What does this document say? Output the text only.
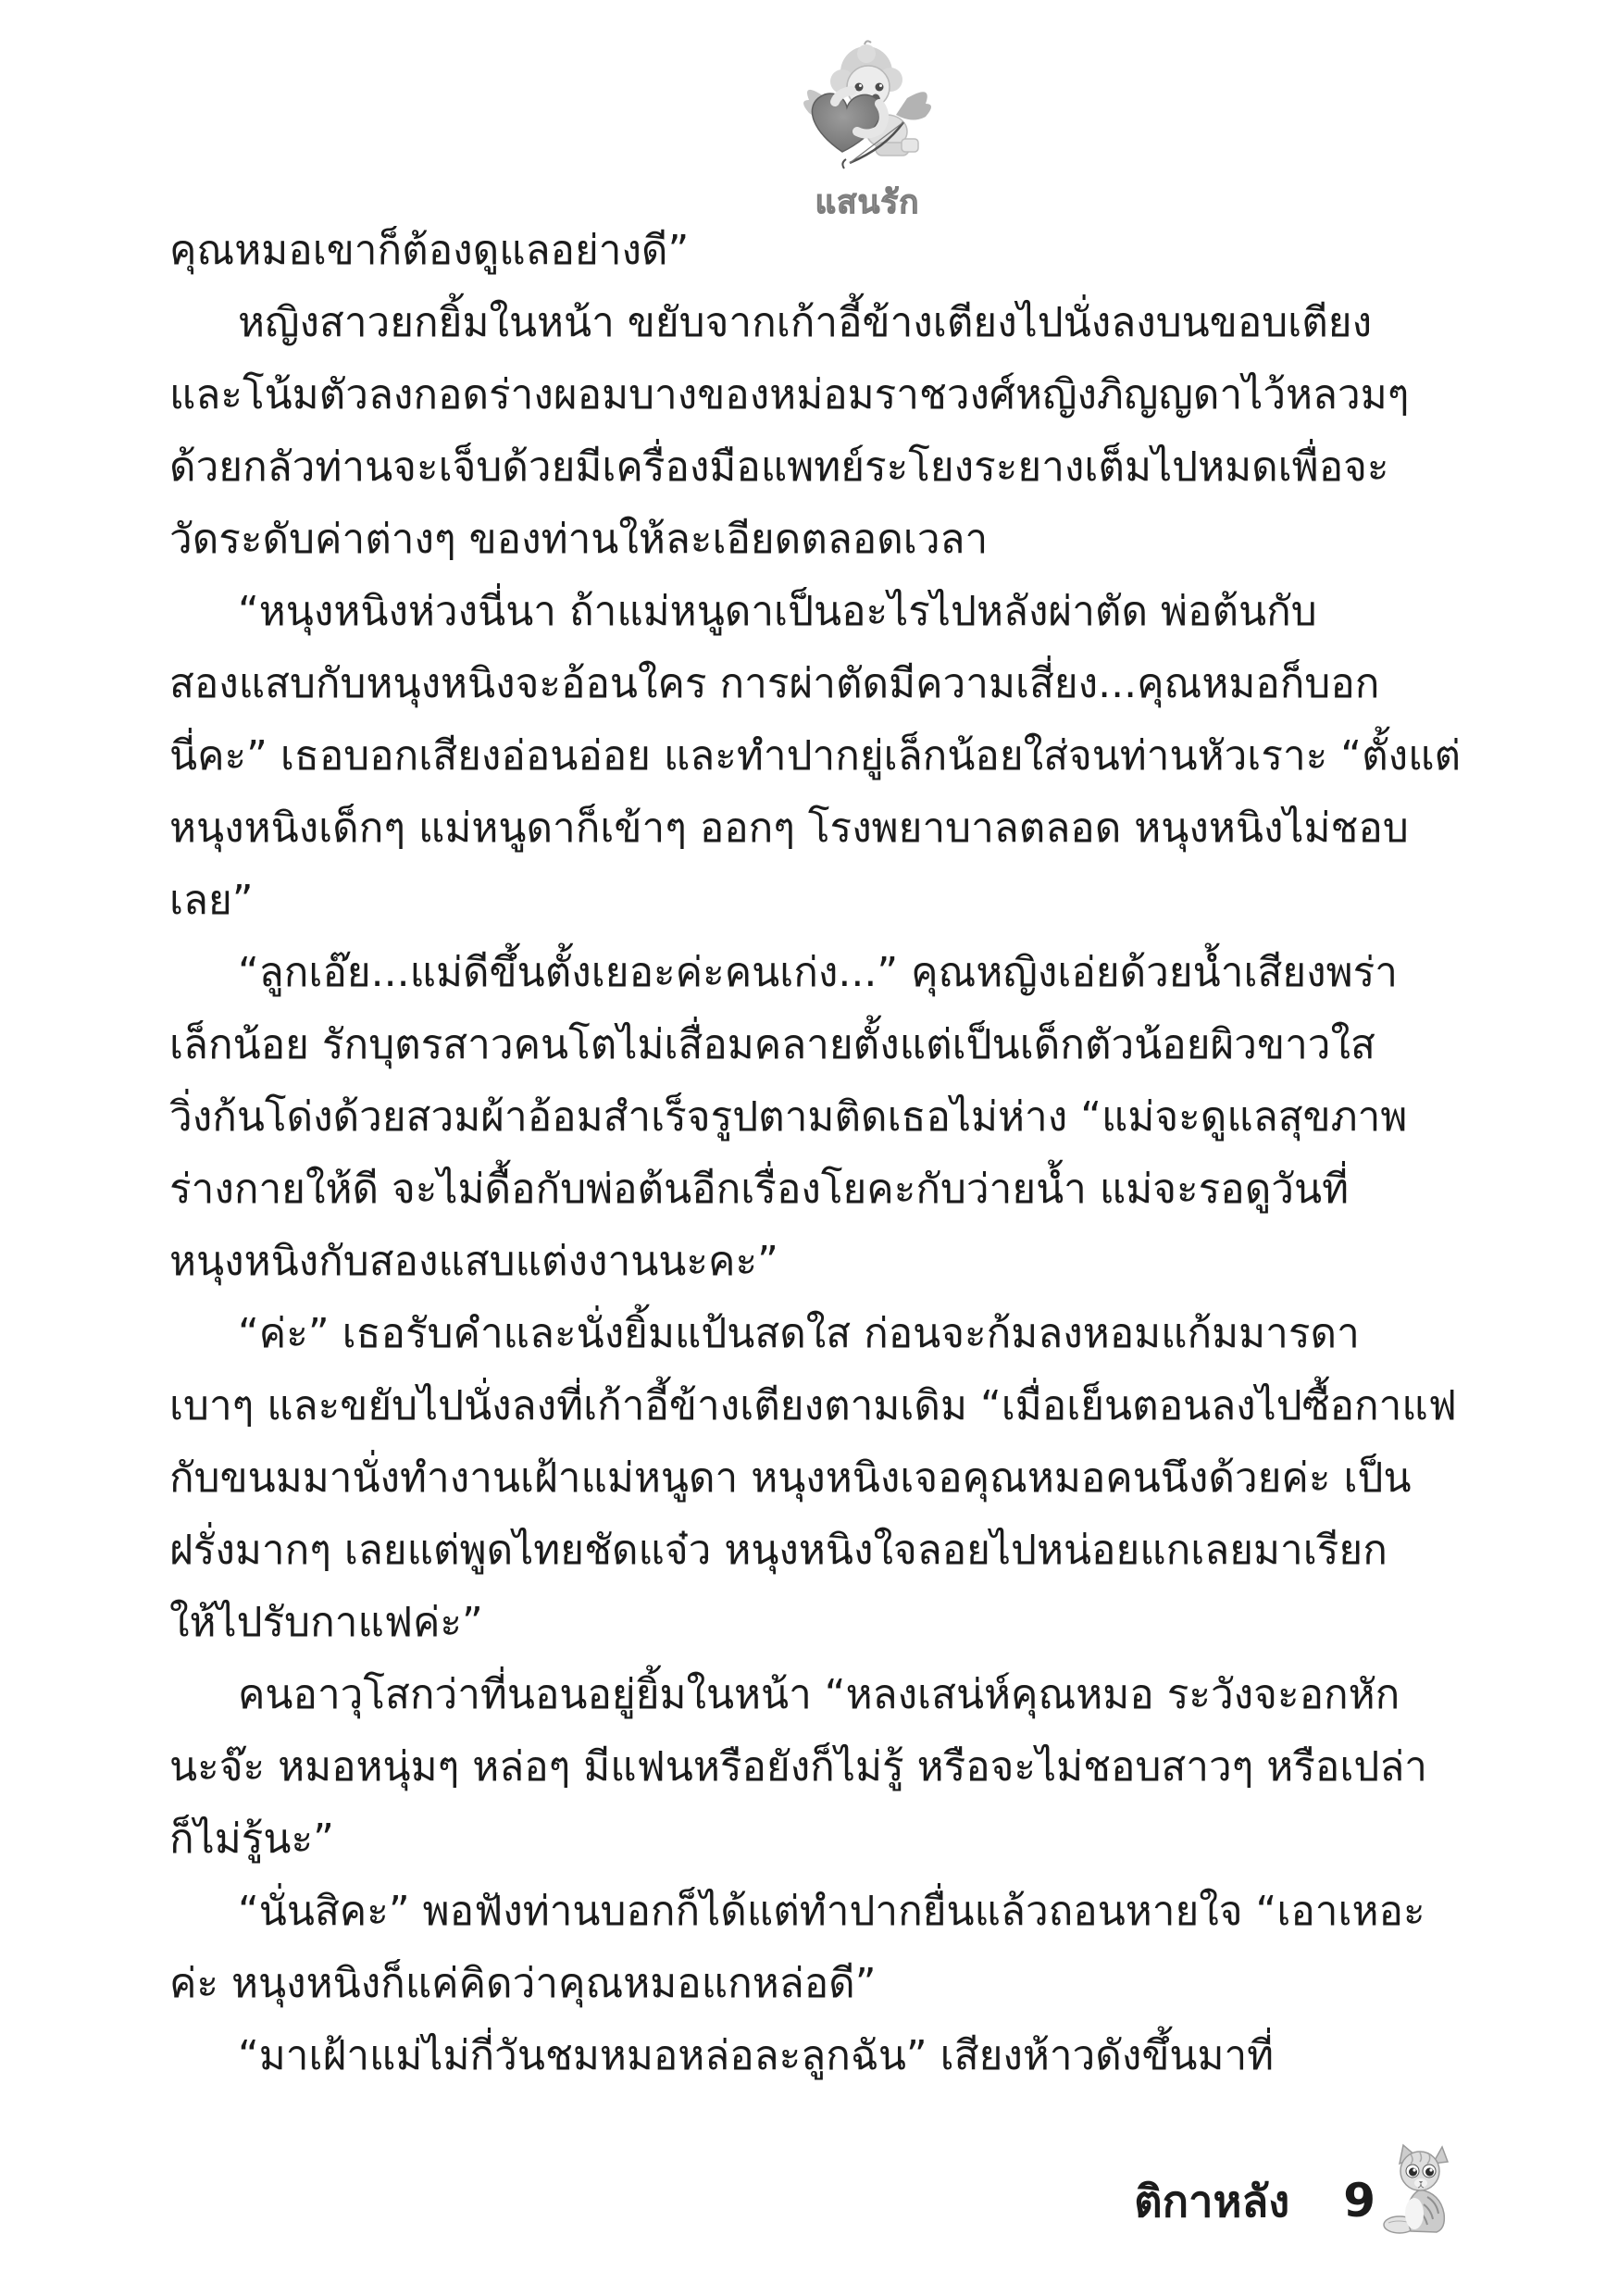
แสนรัก
คุณหมอเขาก็ต้องดูแลอย่างดี”
หญิงสาวยกยิ้มในหน้า ขยับจากเก้าอี้ข้างเตียงไปนั่งลงบนขอบเตียง
และโน้มตัวลงกอดร่างผอมบางของหม่อมราชวงศ์หญิงภิญญดาไว้หลวมๆ
ด้วยกลัวท่านจะเจ็บด้วยมีเครื่องมือแพทย์ระโยงระยางเต็มไปหมดเพื่อจะ
วัดระดับค่าต่างๆ ของท่านให้ละเอียดตลอดเวลา
“หนุงหนิงห่วงนี่นา ถ้าแม่หนูดาเป็นอะไรไปหลังผ่าตัด พ่อต้นกับ
สองแสบกับหนุงหนิงจะอ้อนใคร การผ่าตัดมีความเสี่ยง...คุณหมอก็บอก
นี่คะ” เธอบอกเสียงอ่อนอ่อย และทำปากยู่เล็กน้อยใส่จนท่านหัวเราะ “ตั้งแต่
หนุงหนิงเด็กๆ แม่หนูดาก็เข้าๆ ออกๆ โรงพยาบาลตลอด หนุงหนิงไม่ชอบ
เลย”
“ลูกเอ๊ย...แม่ดีขึ้นตั้งเยอะค่ะคนเก่ง...” คุณหญิงเอ่ยด้วยน้ำเสียงพร่า
เล็กน้อย รักบุตรสาวคนโตไม่เสื่อมคลายตั้งแต่เป็นเด็กตัวน้อยผิวขาวใส
วิ่งก้นโด่งด้วยสวมผ้าอ้อมสำเร็จรูปตามติดเธอไม่ห่าง “แม่จะดูแลสุขภาพ
ร่างกายให้ดี จะไม่ดื้อกับพ่อต้นอีกเรื่องโยคะกับว่ายน้ำ แม่จะรอดูวันที่
หนุงหนิงกับสองแสบแต่งงานนะคะ”
“ค่ะ” เธอรับคำและนั่งยิ้มแป้นสดใส ก่อนจะก้มลงหอมแก้มมารดา
เบาๆ และขยับไปนั่งลงที่เก้าอี้ข้างเตียงตามเดิม “เมื่อเย็นตอนลงไปซื้อกาแฟ
กับขนมมานั่งทำงานเฝ้าแม่หนูดา หนุงหนิงเจอคุณหมอคนนึงด้วยค่ะ เป็น
ฝรั่งมากๆ เลยแต่พูดไทยชัดแจ๋ว หนุงหนิงใจลอยไปหน่อยแกเลยมาเรียก
ให้ไปรับกาแฟค่ะ”
คนอาวุโสกว่าที่นอนอยู่ยิ้มในหน้า “หลงเสน่ห์คุณหมอ ระวังจะอกหัก
นะจ๊ะ หมอหนุ่มๆ หล่อๆ มีแฟนหรือยังก็ไม่รู้ หรือจะไม่ชอบสาวๆ หรือเปล่า
ก็ไม่รู้นะ”
“นั่นสิคะ” พอฟังท่านบอกก็ได้แต่ทำปากยื่นแล้วถอนหายใจ “เอาเหอะ
ค่ะ หนุงหนิงก็แค่คิดว่าคุณหมอแกหล่อดี”
“มาเฝ้าแม่ไม่กี่วันชมหมอหล่อละลูกฉัน” เสียงห้าวดังขึ้นมาที่
ติกาหลัง 9
